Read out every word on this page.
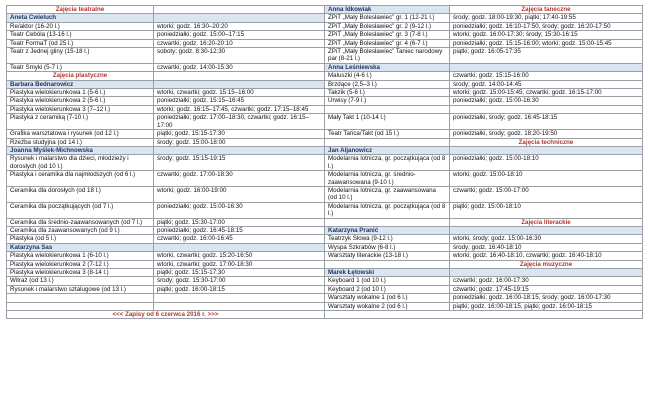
Zajęcia teatralne		Anna Idkowiak	Zajęcia taneczne
Aneta Ćwieluch		ZPiT „Mały Bolesławiec” gr. 1 (12-21 l.)	środy; godz. 18:00-19:30, piątki; 17:40-19:55
Re/aktor (16-20 l.)	wtorki; godz. 16:30–20:20	ZPiT „Mały Bolesławiec” gr. 2 (9-12 l.)	poniedziałki; godz. 16:10-17:50, środy; godz. 16:20-17:50
Teatr Cebóla (13-16 l.)	poniedziałki; godz. 15:00–17:15	ZPiT „Mały Bolesławiec” gr. 3 (7-8 l.)	wtorki; godz. 16:00-17:30; środy; 15:30-16:15
Teatr FormaT (od 25 l.)	czwartki; godz. 16:20-20:10	ZPiT „Mały Bolesławiec” gr. 4 (6-7 l.)	poniedziałki; godz. 15:15-16:00; wtorki; godz. 15:00-15:45
Teatr z Jednej gliny (15-18 l.)	soboty; godz. 8:30-12:30	ZPiT „Mały Bolesławiec” Taniec narodowy par (8-21 l.)	piątki; godz. 16:05-17:35
Teatr Smyki (5-7 l.)	czwartki; godz. 14:00-15:30	Anna Leśniewska	
Zajęcia plastyczne		Maluszki (4-6 l.)	czwartki; godz. 15:15-16:00
Barbara Bednarowicz		Brzdące (2,5–3 l.)	środy; godz. 14:00-14:45
Plastyka wielokierunkowa 1 (5-6 l.)	wtorki, czwartki; godz. 15:15–16:00	Takzik (5-6 l.)	wtorki; godz. 15:00-15:45, czwartki; godz. 16:15-17:00
Plastyka wielokierunkowa 2 (5-6 l.)	poniedziałki; godz. 15:15–16:45	Urwisy (7-9 l.)	poniedziałki; godz. 15:00-16:30
Plastyka wielokierunkowa 3 (7–12 l.)	wtorki; godz. 16:15–17:45, czwartki; godz. 17:15–18:45		
Plastyka z ceramiką (7-10 l.)	poniedziałki; godz. 17:00–18:30, czwartki; godz. 16:15–17:00	Mały Takt 1 (10-14 l.)	poniedziałki, środy; godz. 16:45-18:15
Grafika warsztatowa i rysunek (od 12 l.)	piątki; godz. 15:15-17:30	Teatr Tańca/Takt (od 15 l.)	poniedziałki, środy; godz. 18:20-19:50
Rzeźba studyjna (od 14 l.)	środy; godz. 15:00-18:00		Zajęcia techniczne
Joanna Myślek-Michnowska		Jan Aljanowicz	
Rysunek i malarstwo dla dzieci, młodzieży i dorosłych (od 10 l.)	środy; godz. 15:15-19:15	Modelarnia lotnicza, gr. początkująca (od 8 l.)	poniedziałki; godz. 15:00-18:10
Plastyka i ceramika dla najmłodszych (od 6 l.)	czwartki; godz. 17:00-18:30	Modelarnia lotnicza, gr. średnio-zaawansowana (9-10 l.)	wtorki; godz. 15:00-18:10
Ceramika dla dorosłych (od 18 l.)	wtorki; godz. 16:00-19:00	Modelarnia lotnicza, gr. zaawansowana (od 10 l.)	czwartki; godz. 15:00-17:00
Ceramika dla początkujących (od 7 l.)	poniedziałki; godz. 15:00-16:30	Modelarnia lotnicza, gr. początkująca (od 8 l.)	piątki; godz. 15:00-18:10
Ceramika dla średnio-zaawansowanych (od 7 l.)	piątki; godz. 15:30-17:00		Zajęcia literackie
Ceramika dla zaawansowanych (od 9 l.)	poniedziałki; godz. 16:45-18:15	Katarzyna Pranić	
Plastyka (od 5 l.)	czwartki; godz. 16:00-16:45	Teatrzyk Słowa (9-12 l.)	wtorki, środy; godz. 15:00-16:30
Katarzyna Sas		Wyspa Szkrabów (6-8 l.)	środy; godz. 16:40-18:10
Plastyka wielokierunkowa 1 (6-10 l.)	wtorki, czwartki; godz. 15:20-16:50	Warsztaty literackie (13-18 l.)	wtorki; godz. 16:40-18:10, czwartki; godz. 16:40-18:10
Plastyka wielokierunkowa 2 (7-12 l.)	wtorki, czwartki; godz. 17:00-18:30		Zajęcia muzyczne
Plastyka wielokierunkowa 3 (8-14 l.)	piątki; godz. 15:15-17:30	Marek Łętowski	
Witraż (od 13 l.)	środy; godz. 15:30-17:00	Keyboard 1 (od 10 l.)	czwartki; godz. 16:00-17:30
Rysunek i malarstwo sztalugowe (od 13 l.)	piątki; godz. 16:00-18:15	Keyboard 2 (od 10 l.)	czwartki; godz. 17:45-19:15
		Warsztaty wokalne 1 (od 6 l.)	poniedziałki; godz. 16:00-18:15, środy; godz. 16:00-17:30
		Warsztaty wokalne 2 (od 6 l.)	piątki; godz. 16:00-18:15, piątki; godz. 16:00-18:15
<<< Zapisy od 6 czerwca 2016 r. >>>			
